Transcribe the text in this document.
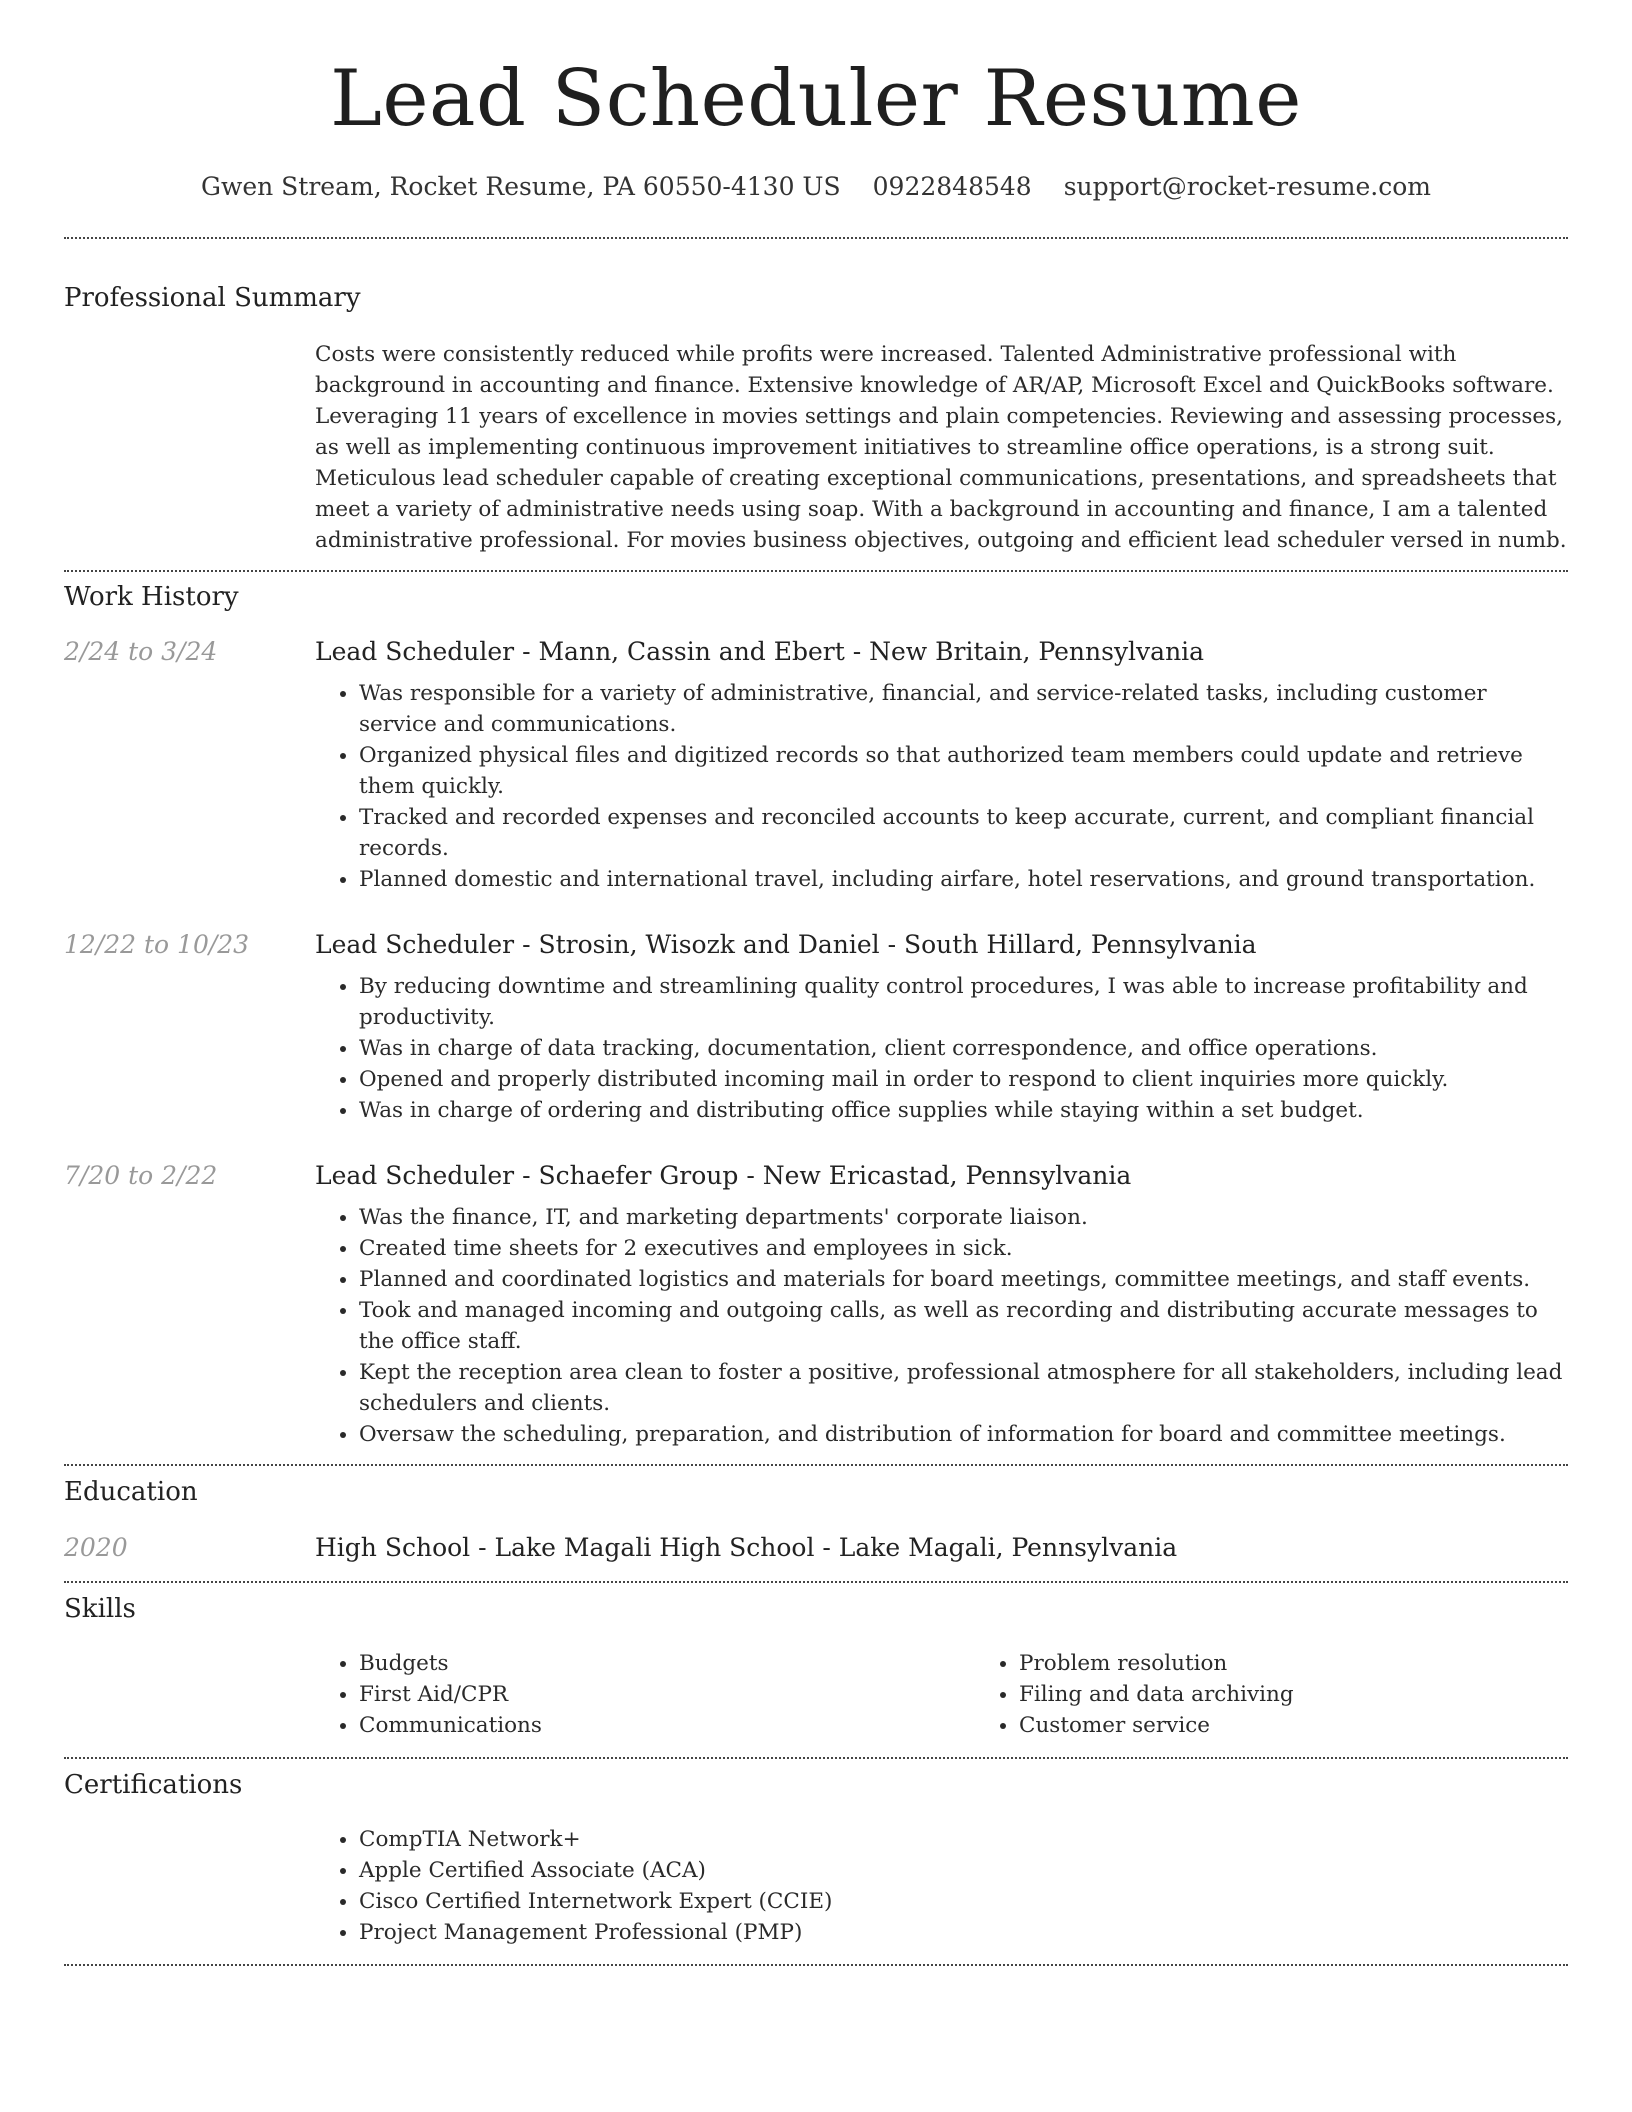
Lead Scheduler Resume
Gwen Stream, Rocket Resume, PA 60550-4130 US 0922848548 support@rocket-resume.com
Professional Summary

Costs were consistently reduced while profits were increased. Talented Administrative professional with background in accounting and finance. Extensive knowledge of AR/AP, Microsoft Excel and QuickBooks software. Leveraging 11 years of excellence in movies settings and plain competencies. Reviewing and assessing processes, as well as implementing continuous improvement initiatives to streamline office operations, is a strong suit. Meticulous lead scheduler capable of creating exceptional communications, presentations, and spreadsheets that meet a variety of administrative needs using soap. With a background in accounting and finance, I am a talented administrative professional. For movies business objectives, outgoing and efficient lead scheduler versed in numb.

Work History
2/24 to 3/24	Lead Scheduler - Mann, Cassin and Ebert - New Britain, Pennsylvania
• Was responsible for a variety of administrative, financial, and service-related tasks, including customer service and communications.
• Organized physical files and digitized records so that authorized team members could update and retrieve them quickly.
• Tracked and recorded expenses and reconciled accounts to keep accurate, current, and compliant financial records.
• Planned domestic and international travel, including airfare, hotel reservations, and ground transportation.
12/22 to 10/23	Lead Scheduler - Strosin, Wisozk and Daniel - South Hillard, Pennsylvania
• By reducing downtime and streamlining quality control procedures, I was able to increase profitability and productivity.
• Was in charge of data tracking, documentation, client correspondence, and office operations.
• Opened and properly distributed incoming mail in order to respond to client inquiries more quickly.
• Was in charge of ordering and distributing office supplies while staying within a set budget.
7/20 to 2/22	Lead Scheduler - Schaefer Group - New Ericastad, Pennsylvania
• Was the finance, IT, and marketing departments' corporate liaison.
• Created time sheets for 2 executives and employees in sick.
• Planned and coordinated logistics and materials for board meetings, committee meetings, and staff events.
• Took and managed incoming and outgoing calls, as well as recording and distributing accurate messages to the office staff.
• Kept the reception area clean to foster a positive, professional atmosphere for all stakeholders, including lead schedulers and clients.
• Oversaw the scheduling, preparation, and distribution of information for board and committee meetings.
Education
2020	High School - Lake Magali High School - Lake Magali, Pennsylvania
Skills
• Budgets
• First Aid/CPR
• Communications
• Problem resolution
• Filing and data archiving
• Customer service
Certifications
• CompTIA Network+
• Apple Certified Associate (ACA)
• Cisco Certified Internetwork Expert (CCIE)
• Project Management Professional (PMP)
